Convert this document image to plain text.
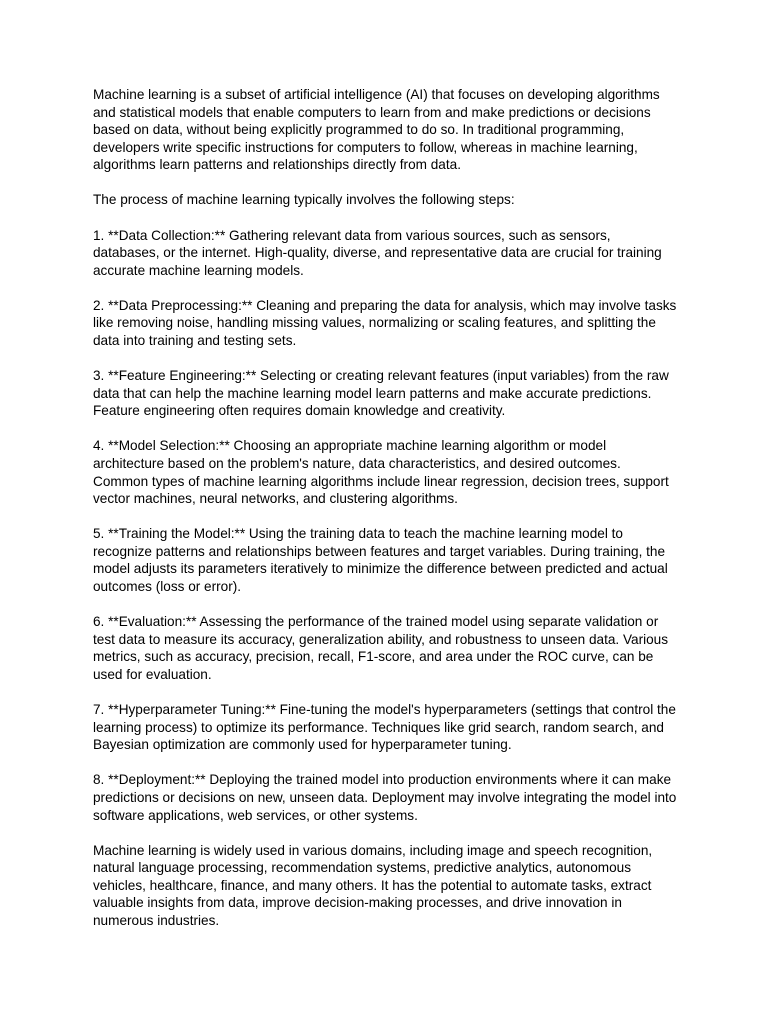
Machine learning is a subset of artificial intelligence (AI) that focuses on developing algorithms and statistical models that enable computers to learn from and make predictions or decisions based on data, without being explicitly programmed to do so. In traditional programming, developers write specific instructions for computers to follow, whereas in machine learning, algorithms learn patterns and relationships directly from data.

The process of machine learning typically involves the following steps:

1. **Data Collection:** Gathering relevant data from various sources, such as sensors, databases, or the internet. High-quality, diverse, and representative data are crucial for training accurate machine learning models.

2. **Data Preprocessing:** Cleaning and preparing the data for analysis, which may involve tasks like removing noise, handling missing values, normalizing or scaling features, and splitting the data into training and testing sets.

3. **Feature Engineering:** Selecting or creating relevant features (input variables) from the raw data that can help the machine learning model learn patterns and make accurate predictions. Feature engineering often requires domain knowledge and creativity.

4. **Model Selection:** Choosing an appropriate machine learning algorithm or model architecture based on the problem's nature, data characteristics, and desired outcomes. Common types of machine learning algorithms include linear regression, decision trees, support vector machines, neural networks, and clustering algorithms.

5. **Training the Model:** Using the training data to teach the machine learning model to recognize patterns and relationships between features and target variables. During training, the model adjusts its parameters iteratively to minimize the difference between predicted and actual outcomes (loss or error).

6. **Evaluation:** Assessing the performance of the trained model using separate validation or test data to measure its accuracy, generalization ability, and robustness to unseen data. Various metrics, such as accuracy, precision, recall, F1-score, and area under the ROC curve, can be used for evaluation.

7. **Hyperparameter Tuning:** Fine-tuning the model's hyperparameters (settings that control the learning process) to optimize its performance. Techniques like grid search, random search, and Bayesian optimization are commonly used for hyperparameter tuning.

8. **Deployment:** Deploying the trained model into production environments where it can make predictions or decisions on new, unseen data. Deployment may involve integrating the model into software applications, web services, or other systems.

Machine learning is widely used in various domains, including image and speech recognition, natural language processing, recommendation systems, predictive analytics, autonomous vehicles, healthcare, finance, and many others. It has the potential to automate tasks, extract valuable insights from data, improve decision-making processes, and drive innovation in numerous industries.
